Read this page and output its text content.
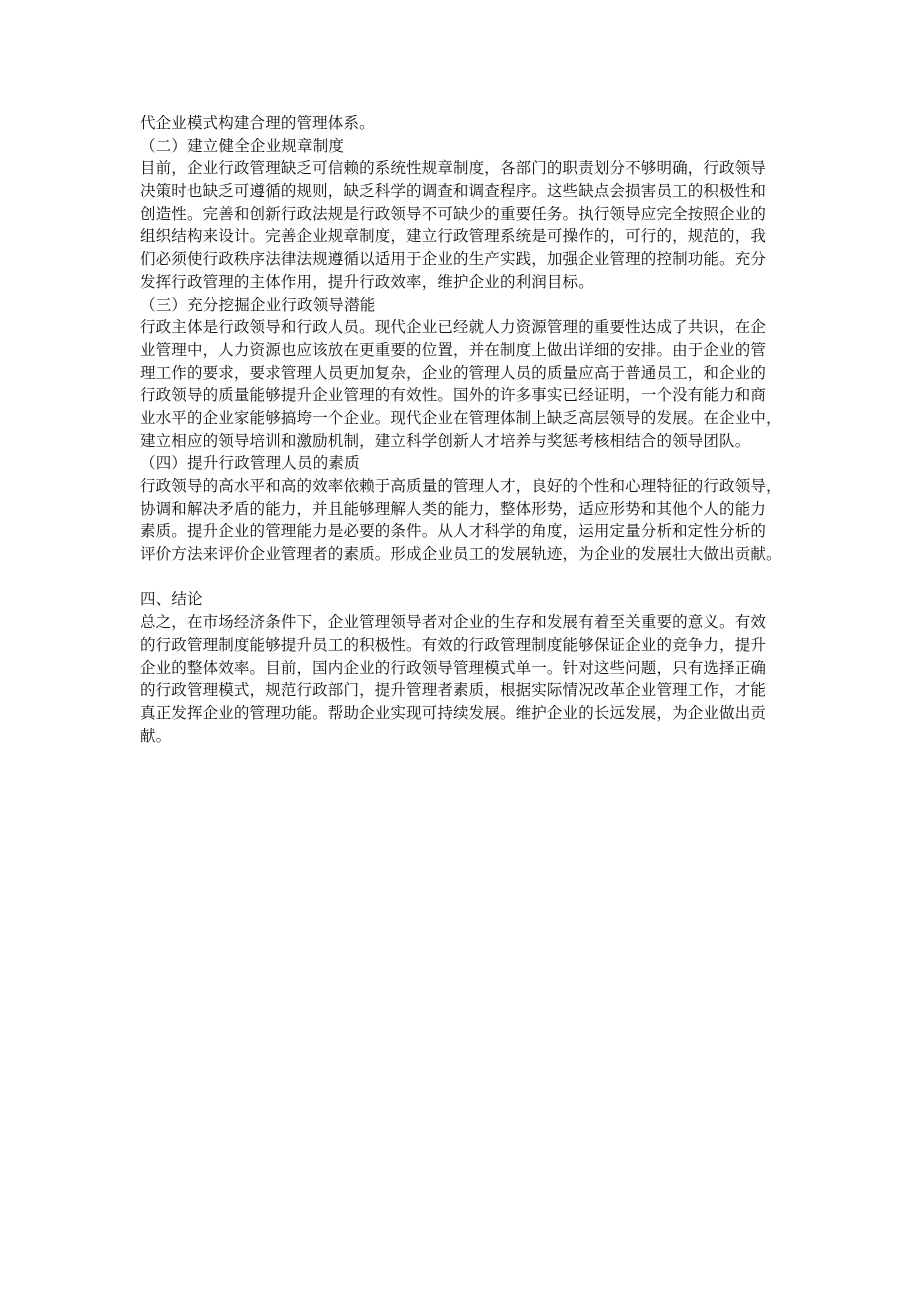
代企业模式构建合理的管理体系。
（二）建立健全企业规章制度
目前，企业行政管理缺乏可信赖的系统性规章制度，各部门的职责划分不够明确，行政领导
决策时也缺乏可遵循的规则，缺乏科学的调查和调查程序。这些缺点会损害员工的积极性和
创造性。完善和创新行政法规是行政领导不可缺少的重要任务。执行领导应完全按照企业的
组织结构来设计。完善企业规章制度，建立行政管理系统是可操作的，可行的，规范的，我
们必须使行政秩序法律法规遵循以适用于企业的生产实践，加强企业管理的控制功能。充分
发挥行政管理的主体作用，提升行政效率，维护企业的利润目标。
（三）充分挖掘企业行政领导潜能
行政主体是行政领导和行政人员。现代企业已经就人力资源管理的重要性达成了共识，在企
业管理中，人力资源也应该放在更重要的位置，并在制度上做出详细的安排。由于企业的管
理工作的要求，要求管理人员更加复杂，企业的管理人员的质量应高于普通员工，和企业的
行政领导的质量能够提升企业管理的有效性。国外的许多事实已经证明，一个没有能力和商
业水平的企业家能够搞垮一个企业。现代企业在管理体制上缺乏高层领导的发展。在企业中，
建立相应的领导培训和激励机制，建立科学创新人才培养与奖惩考核相结合的领导团队。
（四）提升行政管理人员的素质
行政领导的高水平和高的效率依赖于高质量的管理人才，良好的个性和心理特征的行政领导，
协调和解决矛盾的能力，并且能够理解人类的能力，整体形势，适应形势和其他个人的能力
素质。提升企业的管理能力是必要的条件。从人才科学的角度，运用定量分析和定性分析的
评价方法来评价企业管理者的素质。形成企业员工的发展轨迹，为企业的发展壮大做出贡献。
四、结论
总之，在市场经济条件下，企业管理领导者对企业的生存和发展有着至关重要的意义。有效
的行政管理制度能够提升员工的积极性。有效的行政管理制度能够保证企业的竞争力，提升
企业的整体效率。目前，国内企业的行政领导管理模式单一。针对这些问题，只有选择正确
的行政管理模式，规范行政部门，提升管理者素质，根据实际情况改革企业管理工作，才能
真正发挥企业的管理功能。帮助企业实现可持续发展。维护企业的长远发展，为企业做出贡
献。
